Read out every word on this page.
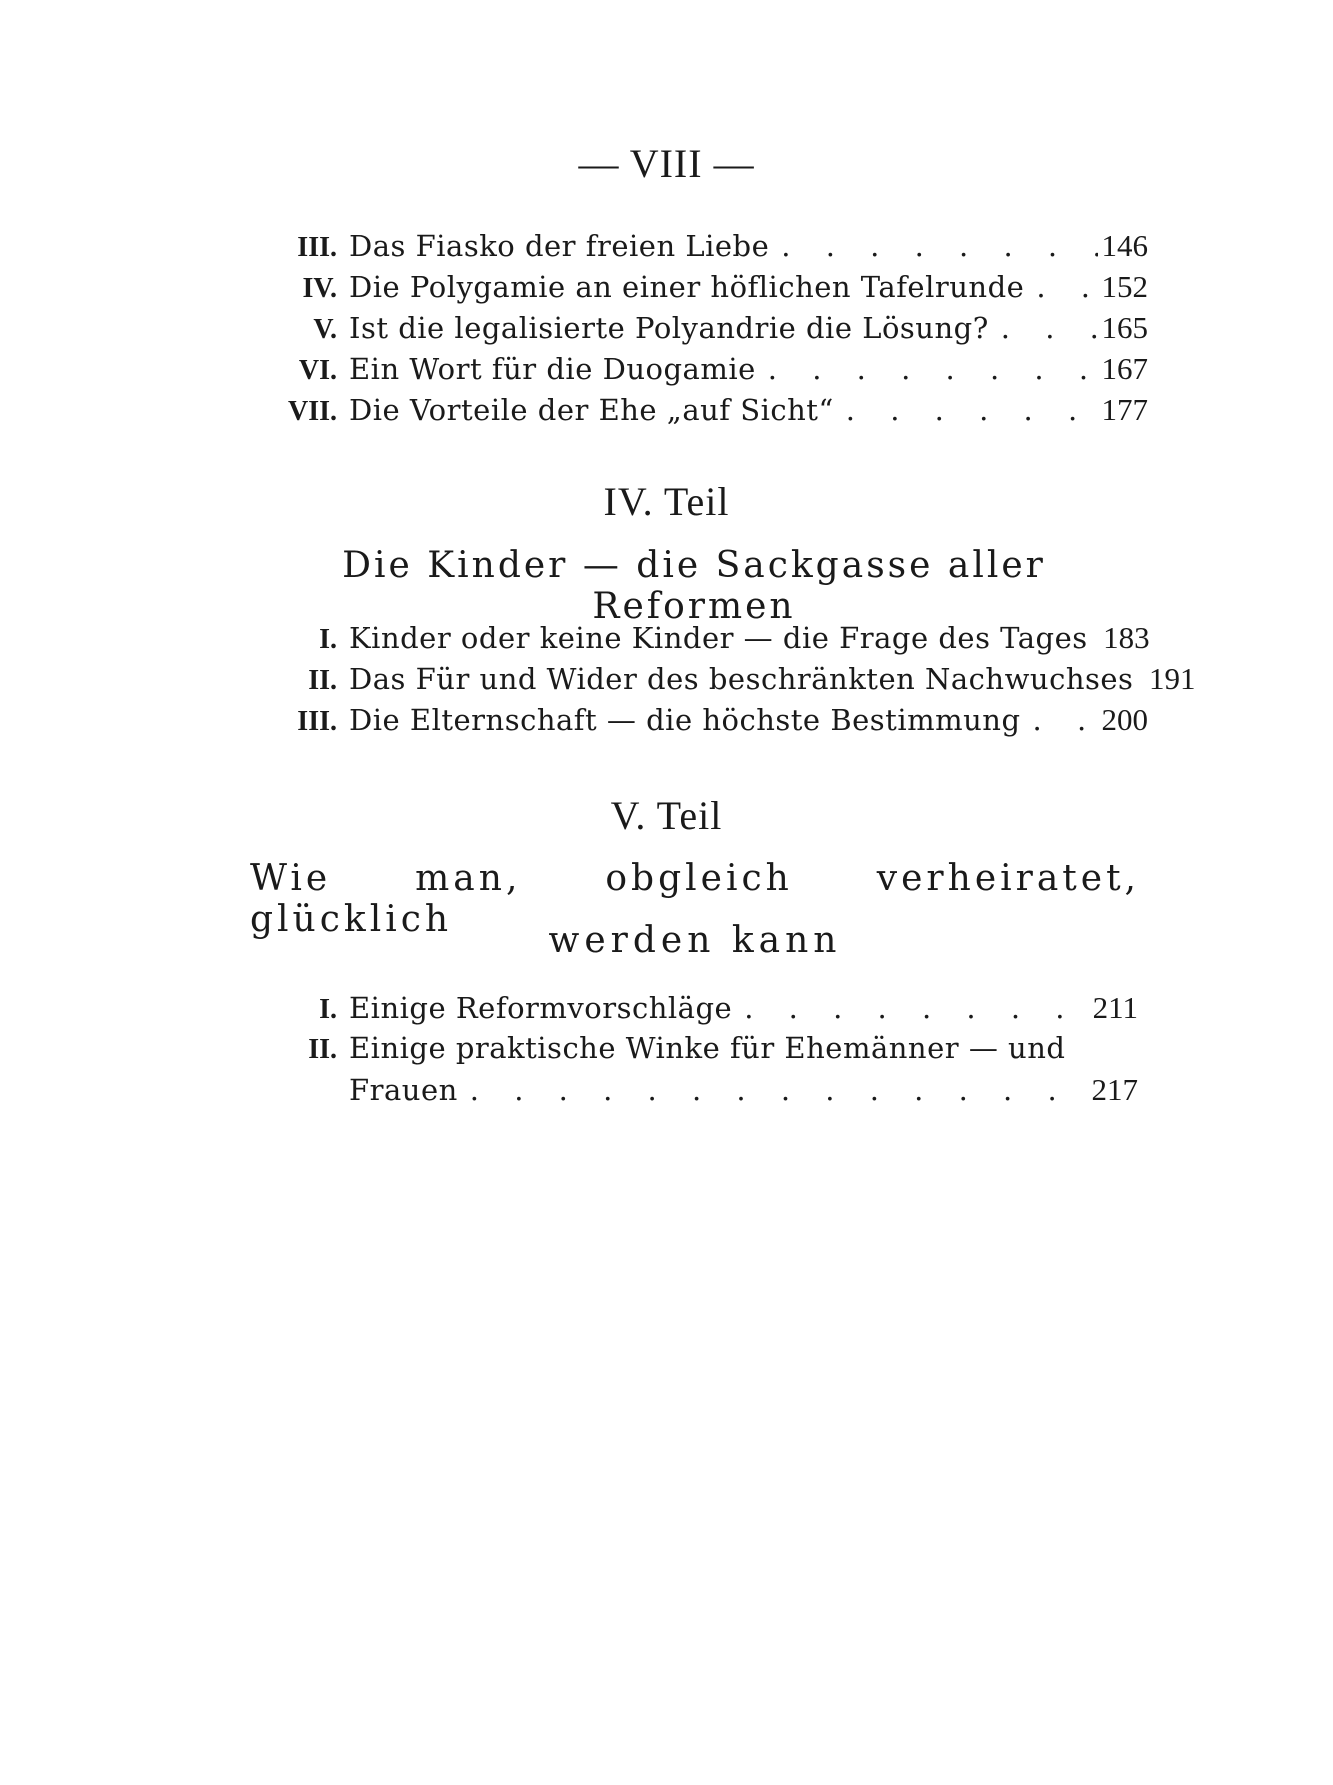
— VIII —
III. Das Fiasko der freien Liebe . . .	146
IV. Die Polygamie an einer höflichen Tafelrunde . . . 152
V. Ist die legalisierte Polyandrie die Lösung? . . .	165
VI. Ein Wort für die Duogamie . . .	167
VII. Die Vorteile der Ehe „auf Sicht“ . . .	177
IV. Teil
Die Kinder — die Sackgasse aller Reformen
I. Kinder oder keine Kinder — die Frage des Tages . . . 183
II. Das Für und Wider des beschränkten Nachwuchses . . . 191
III. Die Elternschaft — die höchste Bestimmung . . .	200
V. Teil
Wie man, obgleich verheiratet, glücklich
werden kann
I. Einige Reformvorschläge . . .	211
II. Einige praktische Winke für Ehemänner — und
Frauen . . .	217
